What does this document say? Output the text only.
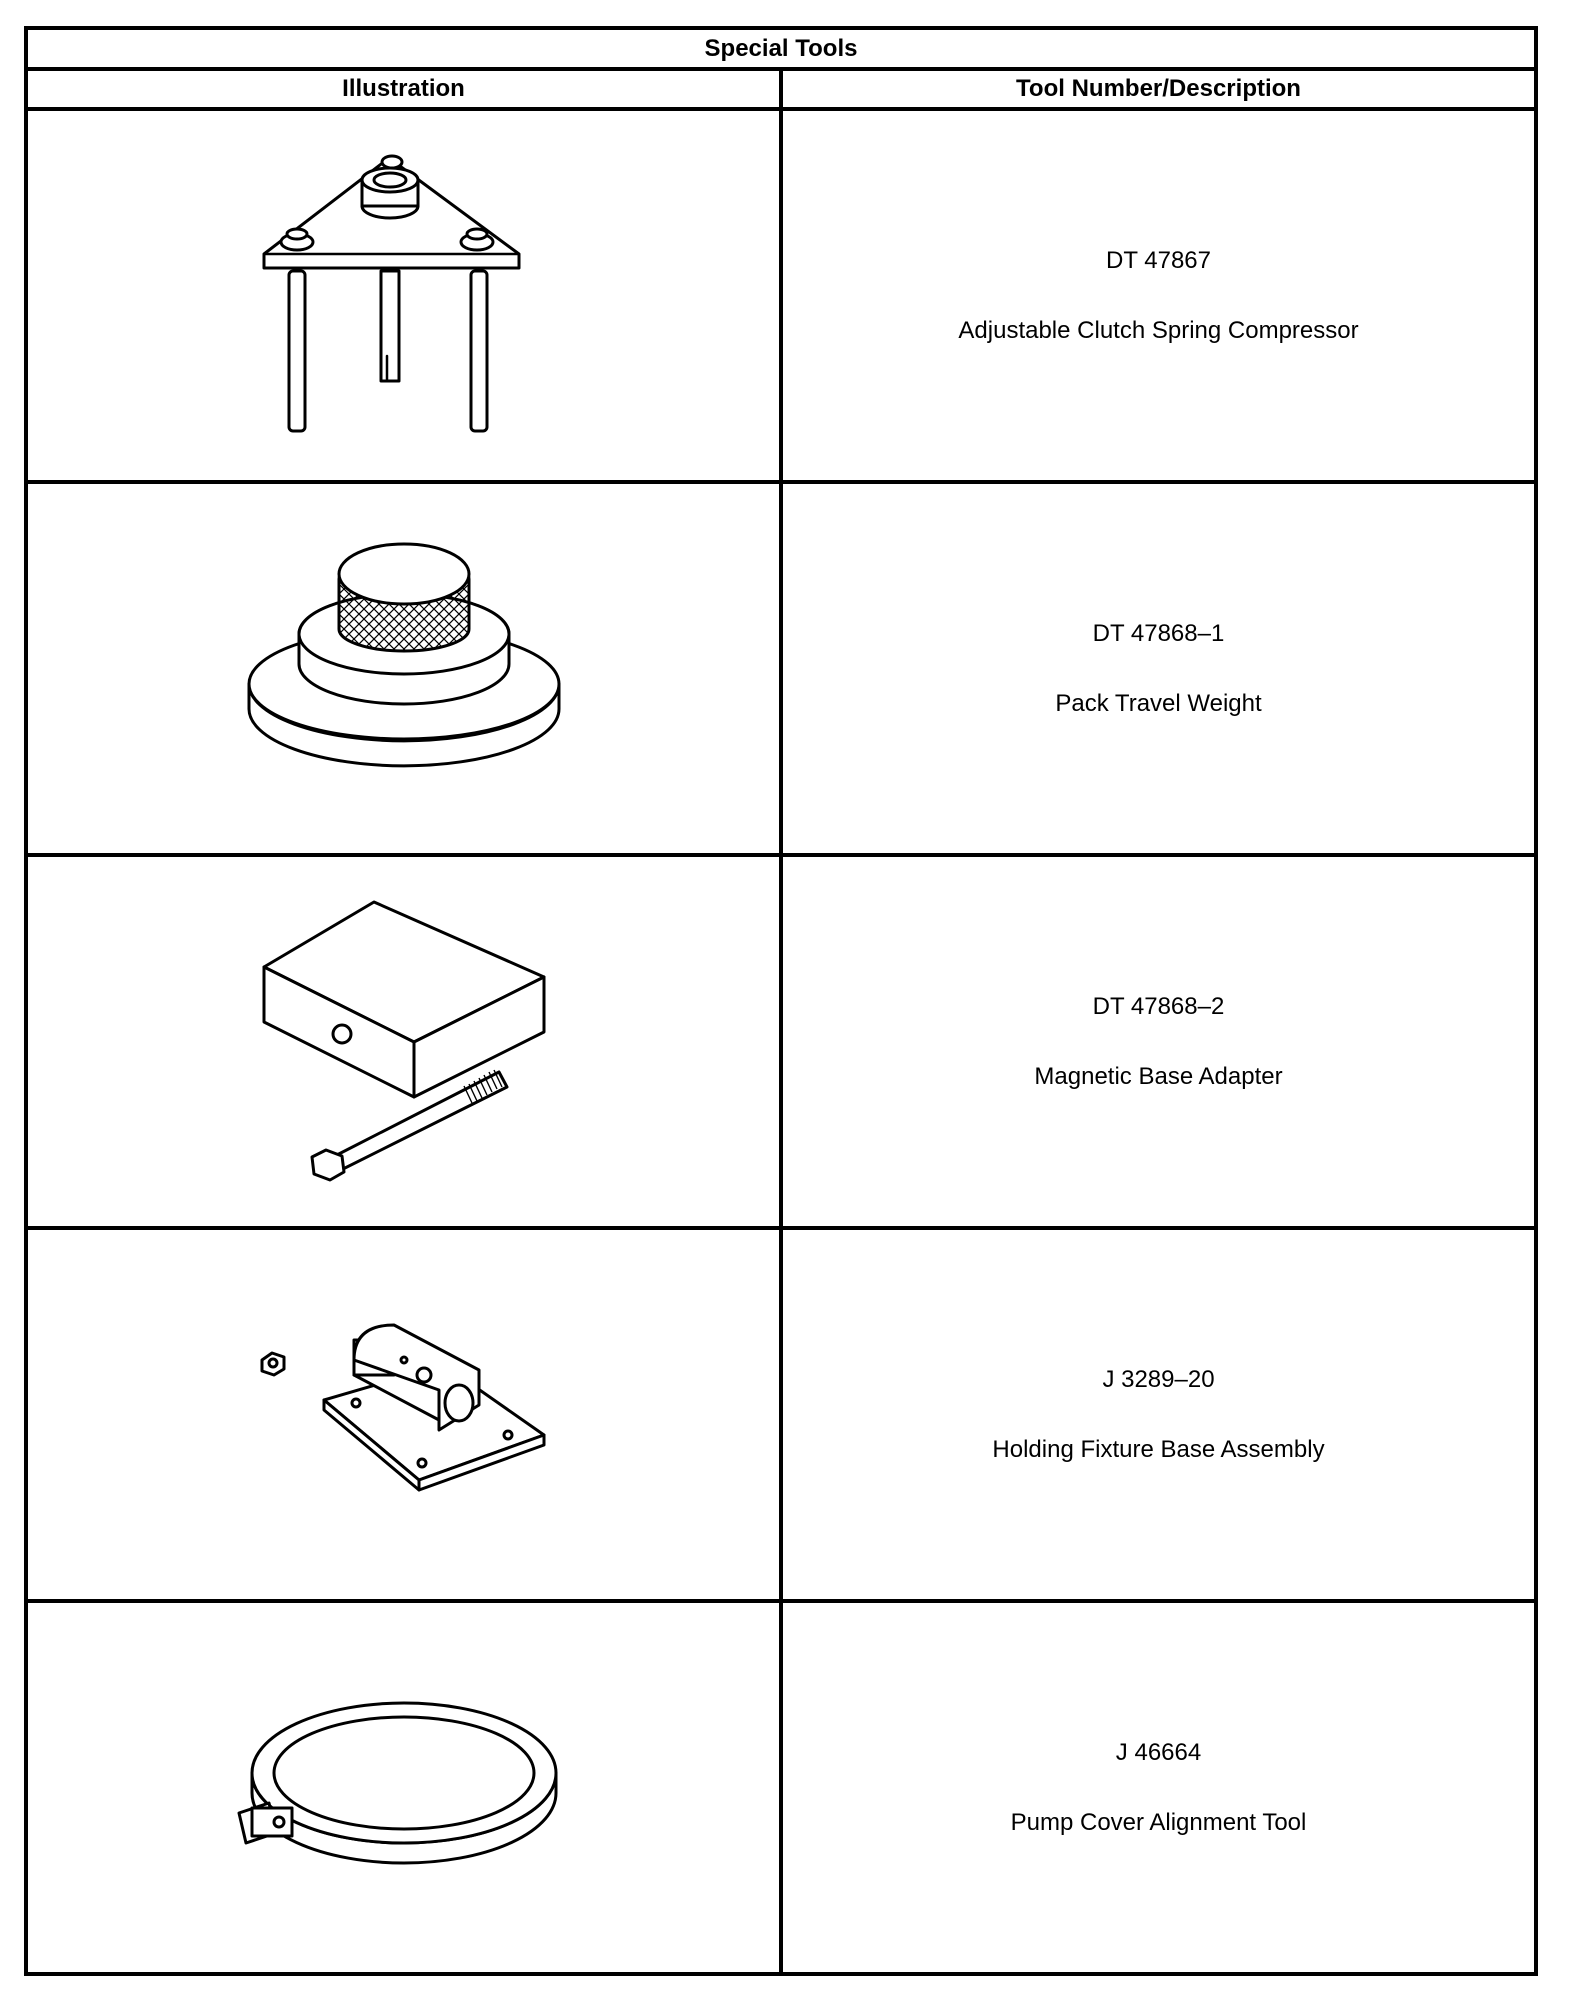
Special Tools	
Illustration	Tool Number/Description

DT 47867
Adjustable Clutch Spring Compressor

DT 47868–1
Pack Travel Weight

DT 47868–2
Magnetic Base Adapter

J 3289–20
Holding Fixture Base Assembly

J 46664
Pump Cover Alignment Tool
